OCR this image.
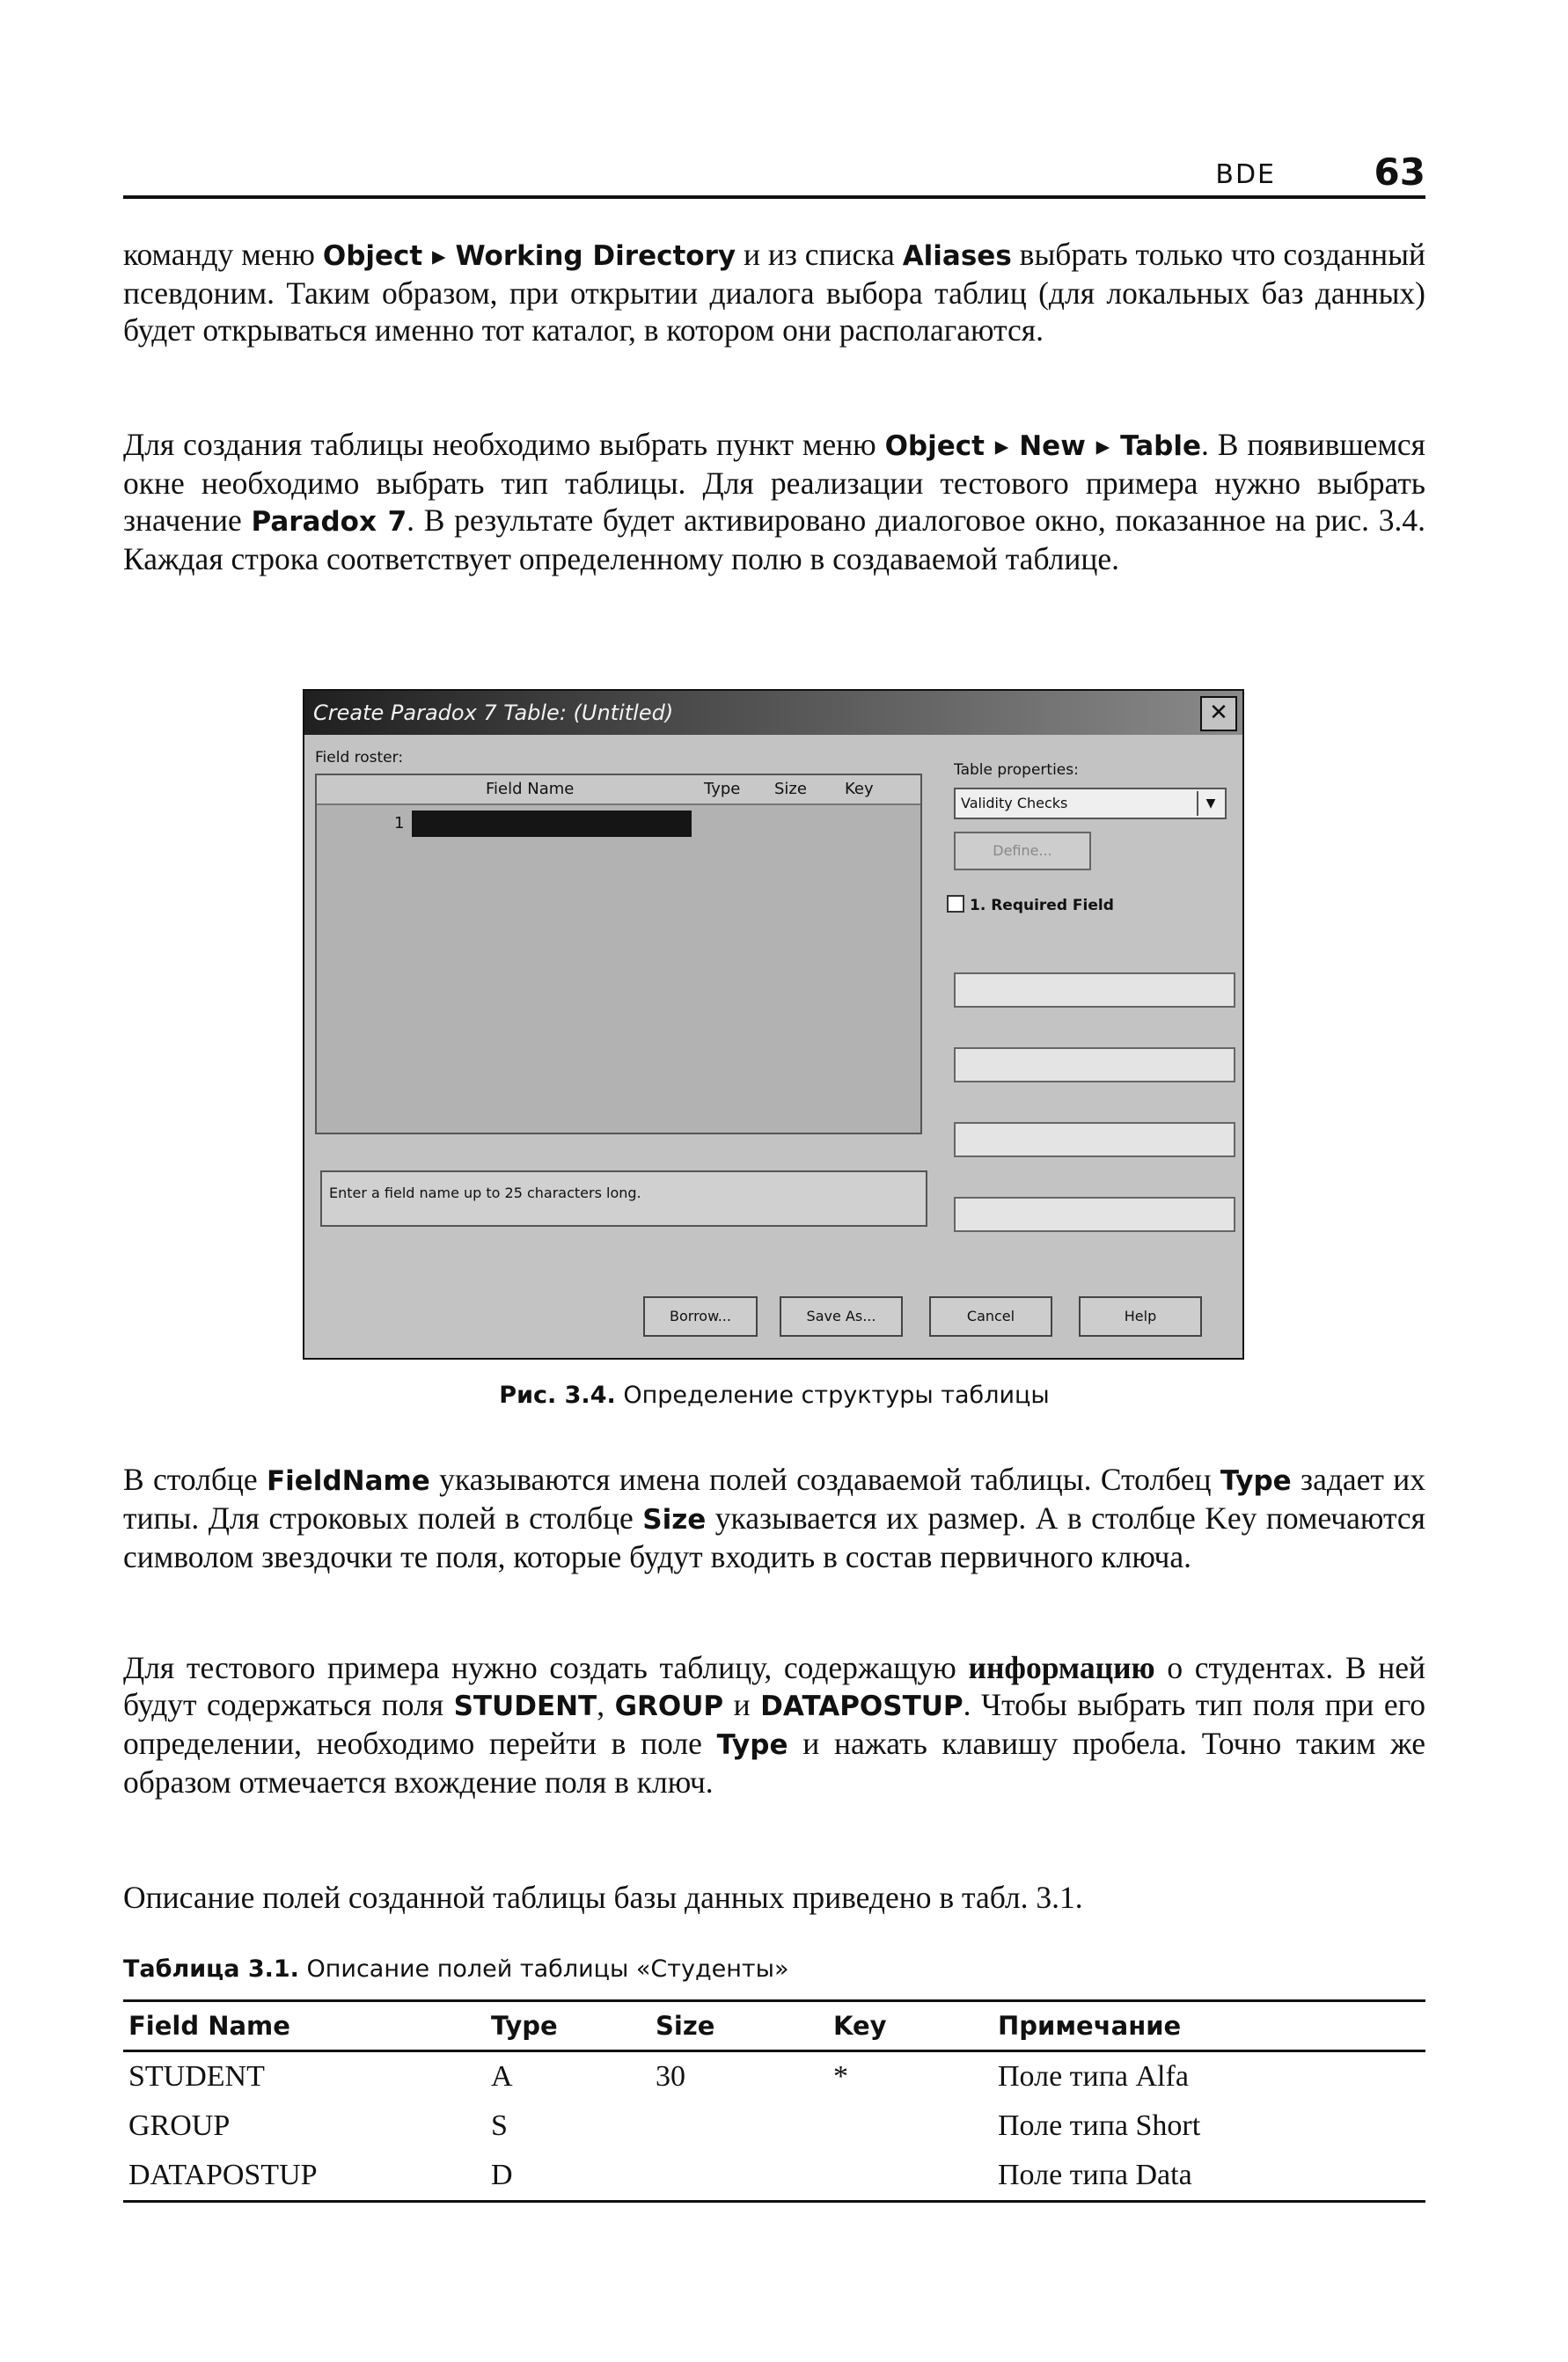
BDE	63

команду меню Object ▸ Working Directory и из списка Aliases выбрать только что созданный псевдоним. Таким образом, при открытии диалога выбора таблиц (для локальных баз данных) будет открываться именно тот каталог, в котором они располагаются.

Для создания таблицы необходимо выбрать пункт меню Object ▸ New ▸ Table. В появившемся окне необходимо выбрать тип таблицы. Для реализации тестового примера нужно выбрать значение Paradox 7. В результате будет активировано диалоговое окно, показанное на рис. 3.4. Каждая строка соответствует определенному полю в создаваемой таблице.

Create Paradox 7 Table: (Untitled)	✕
Field roster:
Field Name	Type Size Key
1
Enter a field name up to 25 characters long.
Table properties:
Validity Checks	▼
Define...
1. Required Field
Borrow...	Save As...	Cancel	Help
Рис. 3.4. Определение структуры таблицы

В столбце FieldName указываются имена полей создаваемой таблицы. Столбец Type задает их типы. Для строковых полей в столбце Size указывается их размер. А в столбце Key помечаются символом звездочки те поля, которые будут входить в состав первичного ключа.

Для тестового примера нужно создать таблицу, содержащую информацию о студентах. В ней будут содержаться поля STUDENT, GROUP и DATAPOSTUP. Чтобы выбрать тип поля при его определении, необходимо перейти в поле Type и нажать клавишу пробела. Точно таким же образом отмечается вхождение поля в ключ.

Описание полей созданной таблицы базы данных приведено в табл. 3.1.

Таблица 3.1. Описание полей таблицы «Студенты»
Field Name	Type	Size	Key	Примечание
STUDENT	A	30	*	Поле типа Alfa
GROUP	S			Поле типа Short
DATAPOSTUP	D			Поле типа Data
